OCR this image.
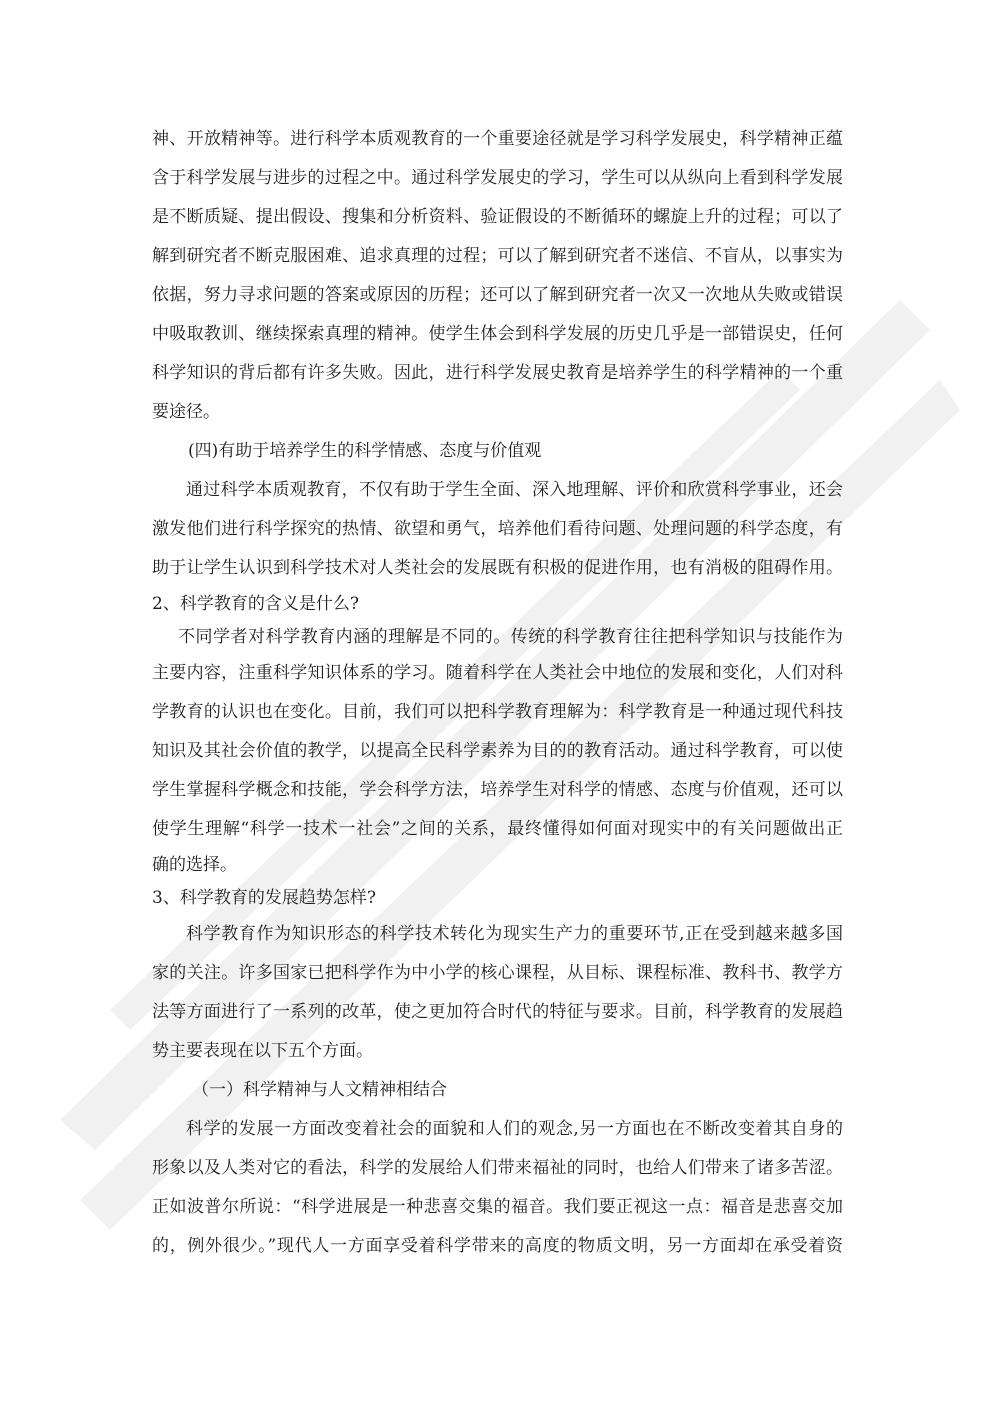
神、开放精神等。进行科学本质观教育的一个重要途径就是学习科学发展史，科学精神正蕴
含于科学发展与进步的过程之中。通过科学发展史的学习，学生可以从纵向上看到科学发展
是不断质疑、提出假设、搜集和分析资料、验证假设的不断循环的螺旋上升的过程；可以了
解到研究者不断克服困难、追求真理的过程；可以了解到研究者不迷信、不盲从，以事实为
依据，努力寻求问题的答案或原因的历程；还可以了解到研究者一次又一次地从失败或错误
中吸取教训、继续探索真理的精神。使学生体会到科学发展的历史几乎是一部错误史，任何
科学知识的背后都有许多失败。因此，进行科学发展史教育是培养学生的科学精神的一个重
要途径。
(四)有助于培养学生的科学情感、态度与价值观
通过科学本质观教育，不仅有助于学生全面、深入地理解、评价和欣赏科学事业，还会
激发他们进行科学探究的热情、欲望和勇气，培养他们看待问题、处理问题的科学态度，有
助于让学生认识到科学技术对人类社会的发展既有积极的促进作用，也有消极的阻碍作用。
2、科学教育的含义是什么?
不同学者对科学教育内涵的理解是不同的。传统的科学教育往往把科学知识与技能作为
主要内容，注重科学知识体系的学习。随着科学在人类社会中地位的发展和变化，人们对科
学教育的认识也在变化。目前，我们可以把科学教育理解为：科学教育是一种通过现代科技
知识及其社会价值的教学，以提高全民科学素养为目的的教育活动。通过科学教育，可以使
学生掌握科学概念和技能，学会科学方法，培养学生对科学的情感、态度与价值观，还可以
使学生理解“科学一技术一社会”之间的关系，最终懂得如何面对现实中的有关问题做出正
确的选择。
3、科学教育的发展趋势怎样?
科学教育作为知识形态的科学技术转化为现实生产力的重要环节,正在受到越来越多国
家的关注。许多国家已把科学作为中小学的核心课程，从目标、课程标准、教科书、教学方
法等方面进行了一系列的改革，使之更加符合时代的特征与要求。目前，科学教育的发展趋
势主要表现在以下五个方面。
（一）科学精神与人文精神相结合
科学的发展一方面改变着社会的面貌和人们的观念,另一方面也在不断改变着其自身的
形象以及人类对它的看法，科学的发展给人们带来福祉的同时，也给人们带来了诸多苦涩。
正如波普尔所说：“科学进展是一种悲喜交集的福音。我们要正视这一点：福音是悲喜交加
的，例外很少。”现代人一方面享受着科学带来的高度的物质文明，另一方面却在承受着资
